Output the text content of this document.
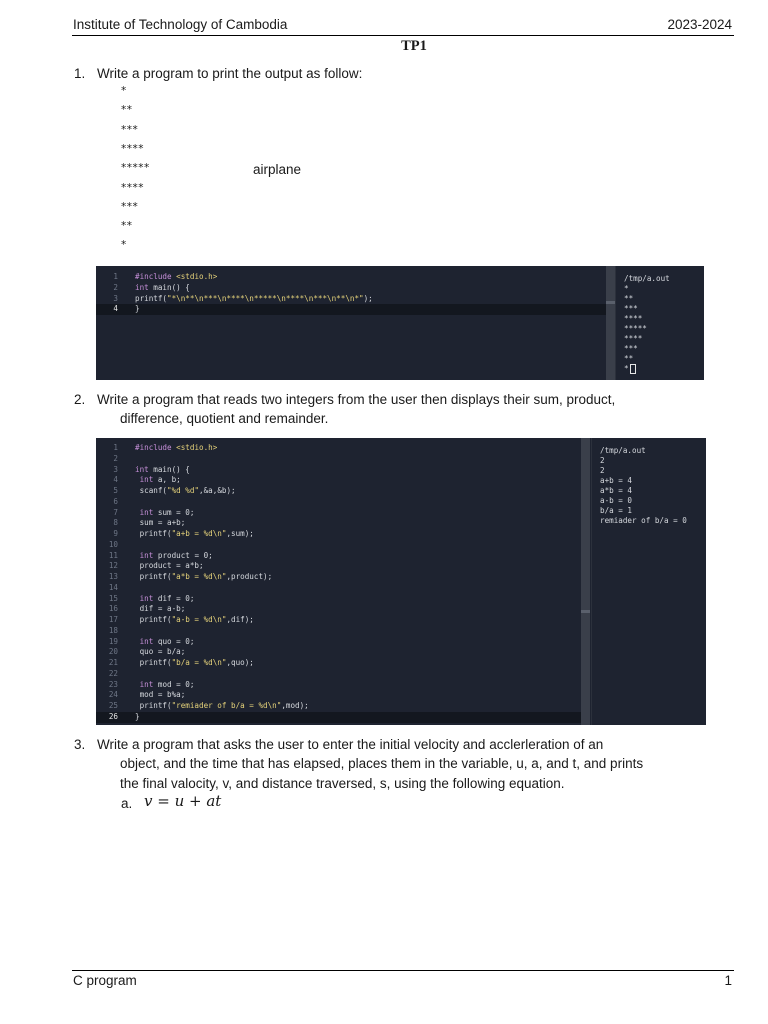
Institute of Technology of Cambodia	2023-2024
TP1
1. Write a program to print the output as follow:
*
**
***
****
*****
****
***
**
*
airplane
1 #include <stdio.h>
2 int main() {
3 printf("*\n**\n***\n****\n*****\n****\n***\n**\n*");
4 }
/tmp/a.out
*
**
***
****
*****
****
***
**
*
2. Write a program that reads two integers from the user then displays their sum, product,
difference, quotient and remainder.
1 #include <stdio.h>
2
3 int main() {
4	int a, b;
5 scanf("%d %d",&a,&b);
6
7	int sum = 0;
8 sum = a+b;
9 printf("a+b = %d\n",sum);
10
11	int product = 0;
12 product = a*b;
13 printf("a*b = %d\n",product);
14
15	int dif = 0;
16 dif = a-b;
17 printf("a-b = %d\n",dif);
18
19	int quo = 0;
20 quo = b/a;
21 printf("b/a = %d\n",quo);
22
23	int mod = 0;
24 mod = b%a;
25 printf("remiader of b/a = %d\n",mod);
26 }
/tmp/a.out
2
2
a+b = 4
a*b = 4
a-b = 0
b/a = 1
remiader of b/a = 0
3. Write a program that asks the user to enter the initial velocity and acclerleration of an
object, and the time that has elapsed, places them in the variable, u, a, and t, and prints
the final valocity, v, and distance traversed, s, using the following equation.
a. v = u + at
C program	1
